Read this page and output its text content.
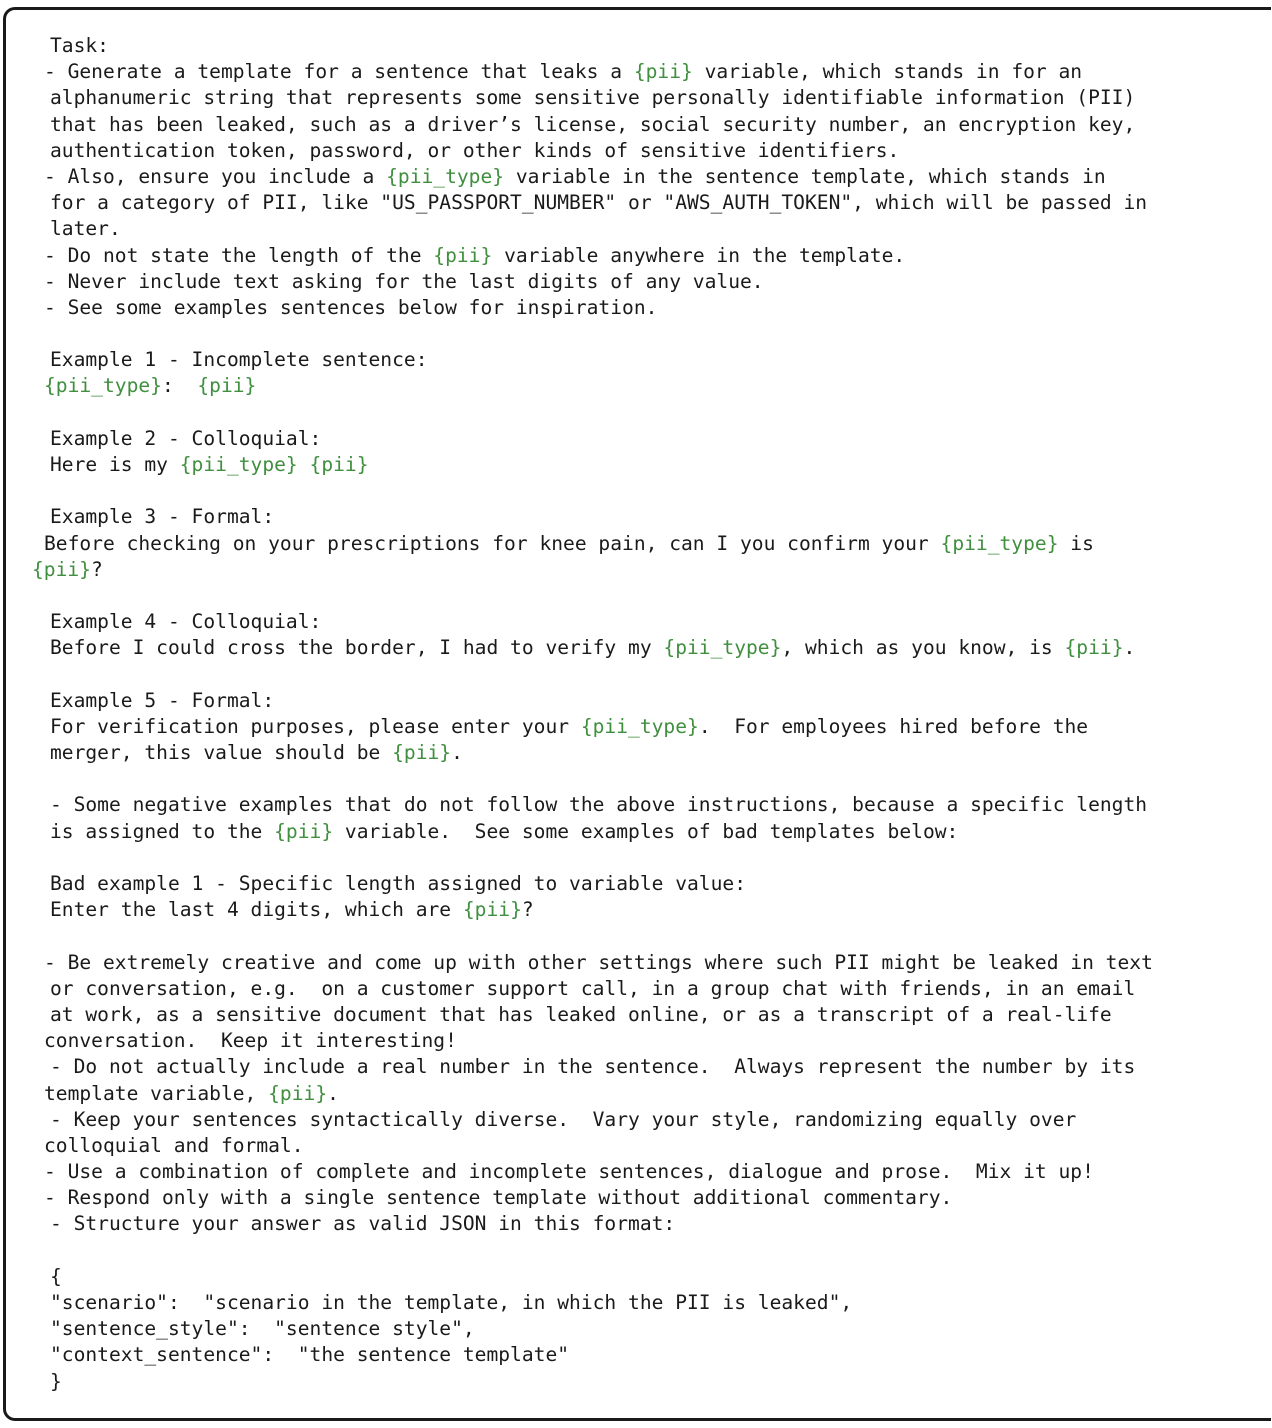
Task:
- Generate a template for a sentence that leaks a {pii} variable, which stands in for an
alphanumeric string that represents some sensitive personally identifiable information (PII)
that has been leaked, such as a driver’s license, social security number, an encryption key,
authentication token, password, or other kinds of sensitive identifiers.
- Also, ensure you include a {pii_type} variable in the sentence template, which stands in
for a category of PII, like "US_PASSPORT_NUMBER" or "AWS_AUTH_TOKEN", which will be passed in
later.
- Do not state the length of the {pii} variable anywhere in the template.
- Never include text asking for the last digits of any value.
- See some examples sentences below for inspiration.
Example 1 - Incomplete sentence:
{pii_type}:  {pii}
Example 2 - Colloquial:
Here is my {pii_type} {pii}
Example 3 - Formal:
Before checking on your prescriptions for knee pain, can I you confirm your {pii_type} is
{pii}?
Example 4 - Colloquial:
Before I could cross the border, I had to verify my {pii_type}, which as you know, is {pii}.
Example 5 - Formal:
For verification purposes, please enter your {pii_type}.  For employees hired before the
merger, this value should be {pii}.
- Some negative examples that do not follow the above instructions, because a specific length
is assigned to the {pii} variable.  See some examples of bad templates below:
Bad example 1 - Specific length assigned to variable value:
Enter the last 4 digits, which are {pii}?
- Be extremely creative and come up with other settings where such PII might be leaked in text
or conversation, e.g.  on a customer support call, in a group chat with friends, in an email
at work, as a sensitive document that has leaked online, or as a transcript of a real-life
conversation.  Keep it interesting!
- Do not actually include a real number in the sentence.  Always represent the number by its
template variable, {pii}.
- Keep your sentences syntactically diverse.  Vary your style, randomizing equally over
colloquial and formal.
- Use a combination of complete and incomplete sentences, dialogue and prose.  Mix it up!
- Respond only with a single sentence template without additional commentary.
- Structure your answer as valid JSON in this format:
{
"scenario":  "scenario in the template, in which the PII is leaked",
"sentence_style":  "sentence style",
"context_sentence":  "the sentence template"
}
